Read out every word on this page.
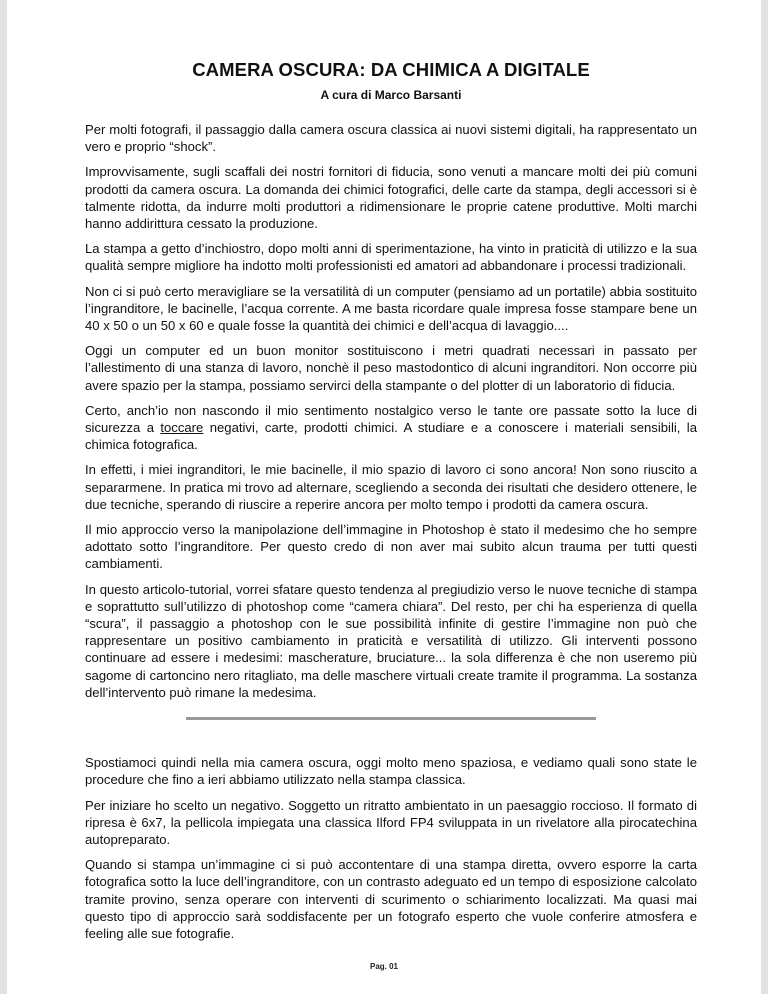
CAMERA OSCURA: DA CHIMICA A DIGITALE
A cura di Marco Barsanti

Per molti fotografi, il passaggio dalla camera oscura classica ai nuovi sistemi digitali, ha rappresentato un vero e proprio “shock”.

Improvvisamente, sugli scaffali dei nostri fornitori di fiducia, sono venuti a mancare molti dei più comuni prodotti da camera oscura. La domanda dei chimici fotografici, delle carte da stampa, degli accessori si è talmente ridotta, da indurre molti produttori a ridimensionare le proprie catene produttive. Molti marchi hanno addirittura cessato la produzione.

La stampa a getto d’inchiostro, dopo molti anni di sperimentazione, ha vinto in praticità di utilizzo e la sua qualità sempre migliore ha indotto molti professionisti ed amatori ad abbandonare i processi tradizionali.

Non ci si può certo meravigliare se la versatilità di un computer (pensiamo ad un portatile) abbia sostituito l’ingranditore, le bacinelle, l’acqua corrente. A me basta ricordare quale impresa fosse stampare bene un 40 x 50 o un 50 x 60 e quale fosse la quantità dei chimici e dell’acqua di lavaggio....

Oggi un computer ed un buon monitor sostituiscono i metri quadrati necessari in passato per l’allestimento di una stanza di lavoro, nonchè il peso mastodontico di alcuni ingranditori. Non occorre più avere spazio per la stampa, possiamo servirci della stampante o del plotter di un laboratorio di fiducia.

Certo, anch’io non nascondo il mio sentimento nostalgico verso le tante ore passate sotto la luce di sicurezza a toccare negativi, carte, prodotti chimici. A studiare e a conoscere i materiali sensibili, la chimica fotografica.

In effetti, i miei ingranditori, le mie bacinelle, il mio spazio di lavoro ci sono ancora! Non sono riuscito a separarmene. In pratica mi trovo ad alternare, scegliendo a seconda dei risultati che desidero ottenere, le due tecniche, sperando di riuscire a reperire ancora per molto tempo i prodotti da camera oscura.

Il mio approccio verso la manipolazione dell’immagine in Photoshop è stato il medesimo che ho sempre adottato sotto l’ingranditore. Per questo credo di non aver mai subito alcun trauma per tutti questi cambiamenti.

In questo articolo-tutorial, vorrei sfatare questo tendenza al pregiudizio verso le nuove tecniche di stampa e soprattutto sull’utilizzo di photoshop come “camera chiara”. Del resto, per chi ha esperienza di quella “scura”, il passaggio a photoshop con le sue possibilità infinite di gestire l’immagine non può che rappresentare un positivo cambiamento in praticità e versatilità di utilizzo. Gli interventi possono continuare ad essere i medesimi: mascherature, bruciature... la sola differenza è che non useremo più sagome di cartoncino nero ritagliato, ma delle maschere virtuali create tramite il programma. La sostanza dell’intervento può rimane la medesima.

Spostiamoci quindi nella mia camera oscura, oggi molto meno spaziosa, e vediamo quali sono state le procedure che fino a ieri abbiamo utilizzato nella stampa classica.

Per iniziare ho scelto un negativo. Soggetto un ritratto ambientato in un paesaggio roccioso. Il formato di ripresa è 6x7, la pellicola impiegata una classica Ilford FP4 sviluppata in un rivelatore alla pirocatechina autopreparato.

Quando si stampa un’immagine ci si può accontentare di una stampa diretta, ovvero esporre la carta fotografica sotto la luce dell’ingranditore, con un contrasto adeguato ed un tempo di esposizione calcolato tramite provino, senza operare con interventi di scurimento o schiarimento localizzati. Ma quasi mai questo tipo di approccio sarà soddisfacente per un fotografo esperto che vuole conferire atmosfera e feeling alle sue fotografie.

Pag. 01
